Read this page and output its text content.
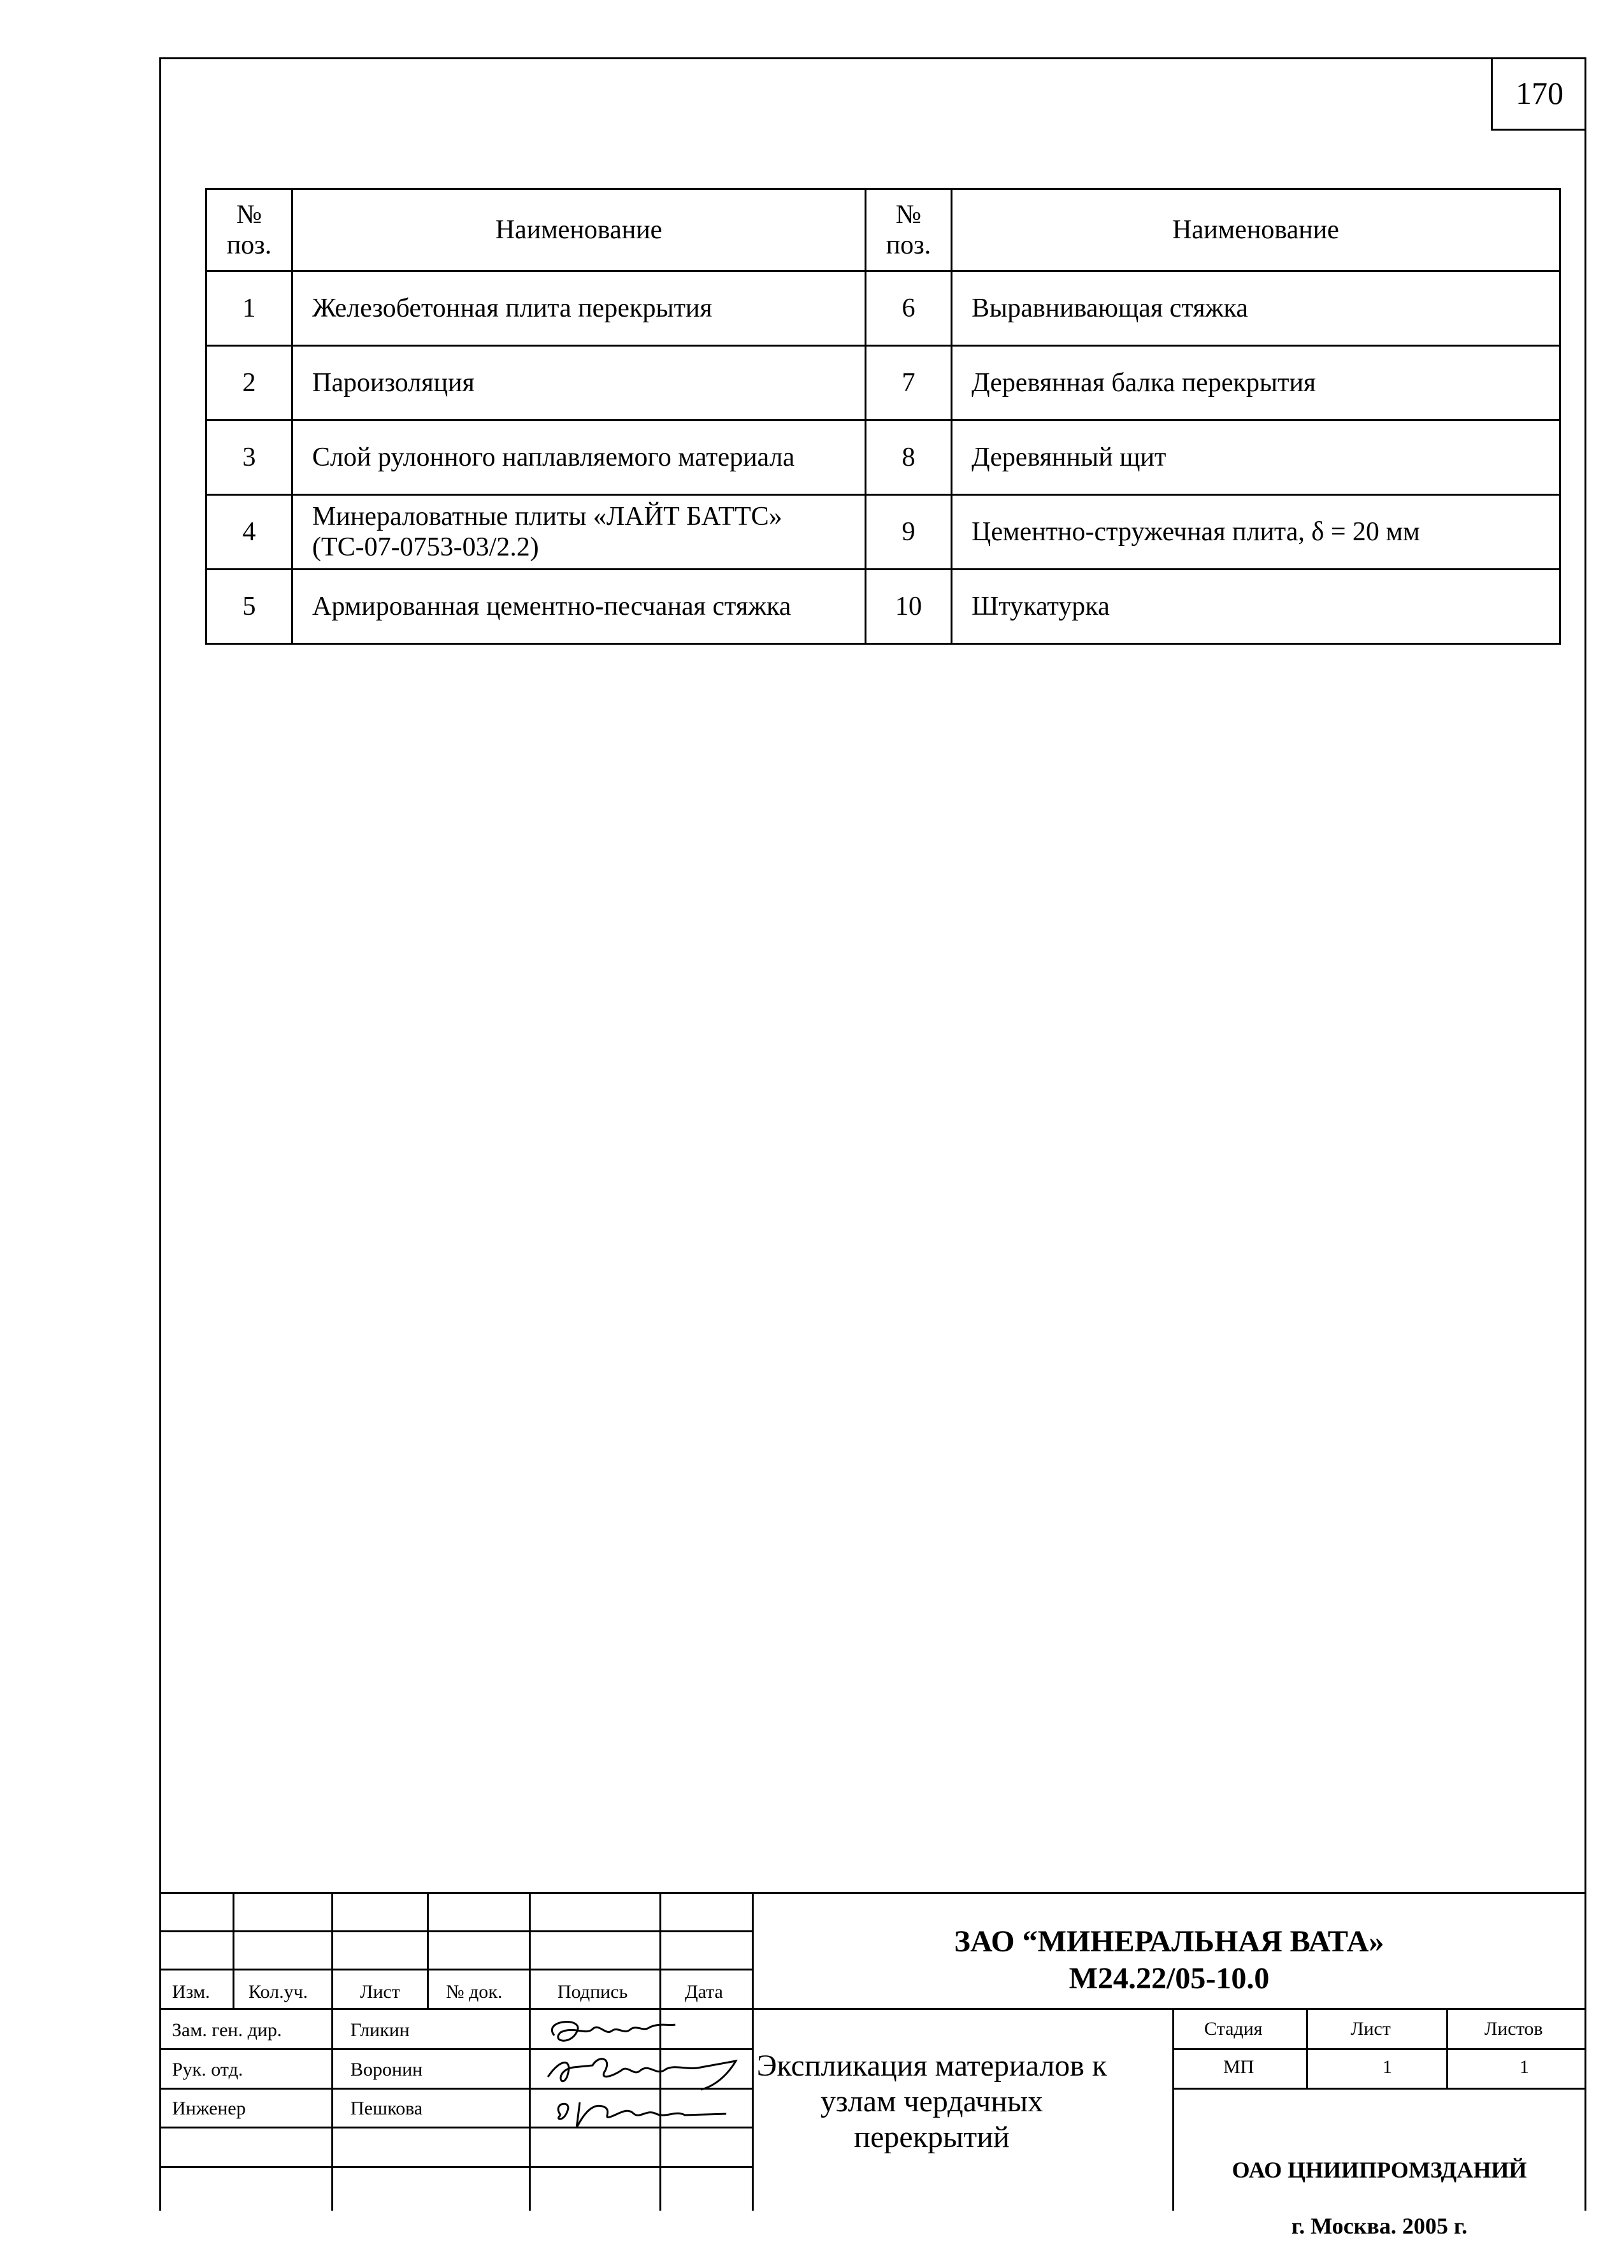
170
№ поз.	Наименование	№ поз.	Наименование
1	Железобетонная плита перекрытия	6	Выравнивающая стяжка
2	Пароизоляция	7	Деревянная балка перекрытия
3	Слой рулонного наплавляемого материала	8	Деревянный щит
4	Минераловатные плиты «ЛАЙТ БАТТС» (ТС-07-0753-03/2.2)	9	Цементно-стружечная плита, δ = 20 мм
5	Армированная цементно-песчаная стяжка	10	Штукатурка
Изм. Кол.уч.	Лист № док.	Подпись	Дата
Зам. ген. дир.	Гликин
Рук. отд.	Воронин
Инженер	Пешкова
ЗАО “МИНЕРАЛЬНАЯ ВАТА»
М24.22/05-10.0
Экспликация материалов к узлам чердачных перекрытий
Стадия	Лист	Листов
МП	1	1

ОАО ЦНИИПРОМЗДАНИЙ

г. Москва. 2005 г.
